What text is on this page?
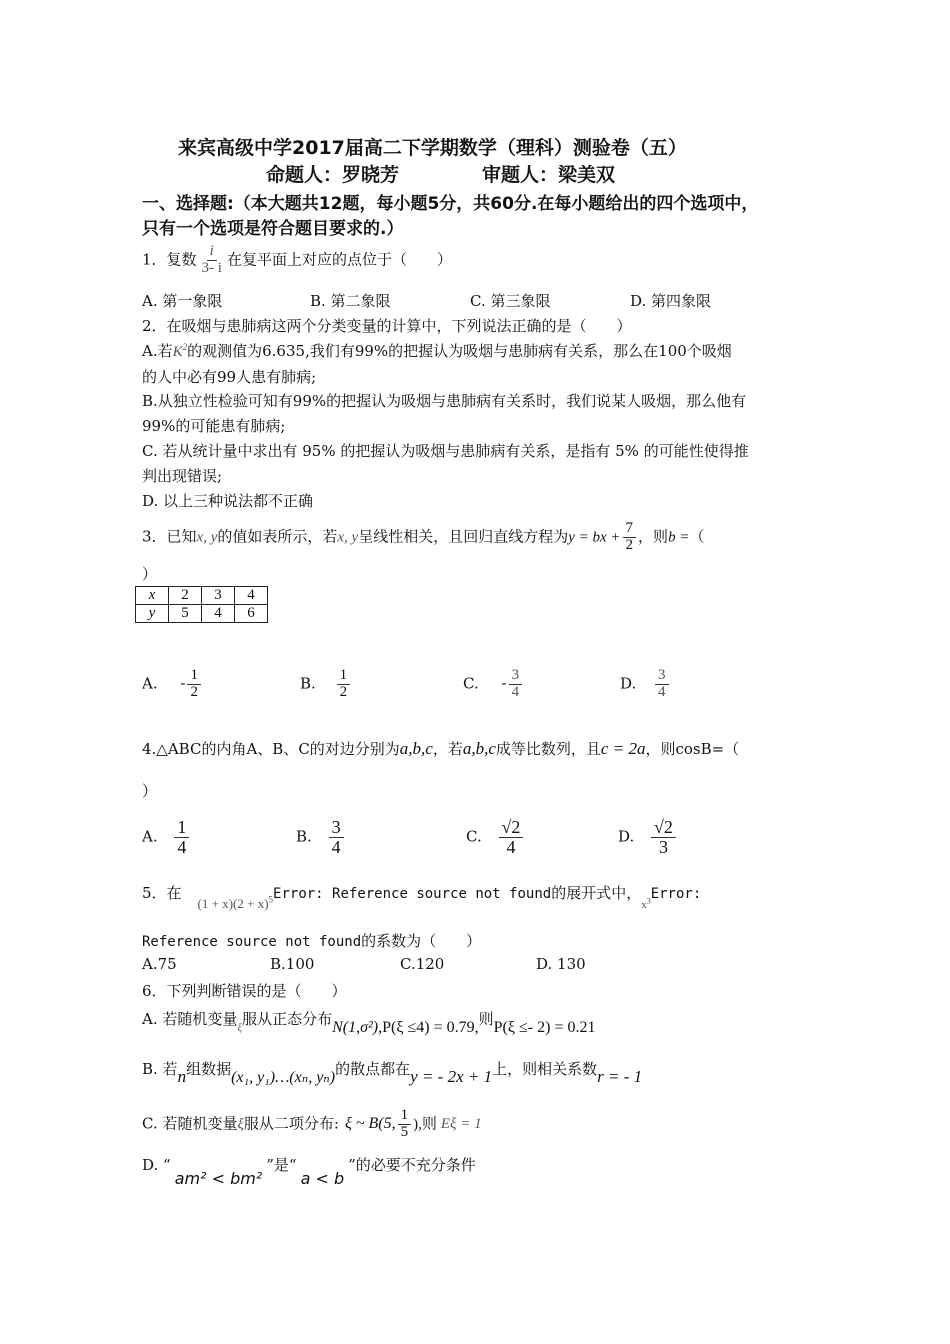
来宾高级中学2017届高二下学期数学（理科）测验卷（五）
命题人：罗晓芳	审题人：梁美双
一、选择题:（本大题共12题，每小题5分，共60分.在每小题给出的四个选项中，
只有一个选项是符合题目要求的.）
1．复数 $\frac{i}{3- i}$ 在复平面上对应的点位于（　　）
A. 第一象限	B. 第二象限	C. 第三象限	D. 第四象限
2．在吸烟与患肺病这两个分类变量的计算中，下列说法正确的是（　　）
A.若$K^2$的观测值为6.635,我们有99%的把握认为吸烟与患肺病有关系，那么在100个吸烟
的人中必有99人患有肺病;
B.从独立性检验可知有99%的把握认为吸烟与患肺病有关系时，我们说某人吸烟，那么他有
99%的可能患有肺病;
C. 若从统计量中求出有 95% 的把握认为吸烟与患肺病有关系，是指有 5% 的可能性使得推
判出现错误;
D. 以上三种说法都不正确
3．已知x, y的值如表所示，若x, y呈线性相关，且回归直线方程为y = bx + $\frac{7}{2}$ ，则b =（
）
x	2	3	4
y	5	4	6
A. - $\frac{1}{2}$	B. $\frac{1}{2}$	C. - $\frac{3}{4}$	D. $\frac{3}{4}$
4.△ABC的内角A、B、C的对边分别为a,b,c，若a,b,c成等比数列，且c = 2a，则cosB=（
）
A. $\frac{1}{4}$	B. $\frac{3}{4}$	C. $\frac{√2}{4}$	D. $\frac{√2}{3}$
5．在$(1 + x)(2 + x)^5Error$: Reference source not found的展开式中，$_{x^3}$Error:
Reference source not found的系数为（　　）
A.75	B.100	C.120	D. 130
6．下列判断错误的是（　　）
A. 若随机变量$_\xi$服从正态分布N(1,σ²),P(ξ ≤4) = 0.79,则P(ξ ≤- 2) = 0.21
B. 若n组数据(x₁, y₁)…(xₙ, yₙ)的散点都在y = - 2x + 1上，则相关系数r = - 1
C. 若随机变量ξ服从二项分布: ξ ~ B(5, $\frac{1}{5}$ ),则 Eξ = 1
D. “am² < bm²”是“a < b”的必要不充分条件
